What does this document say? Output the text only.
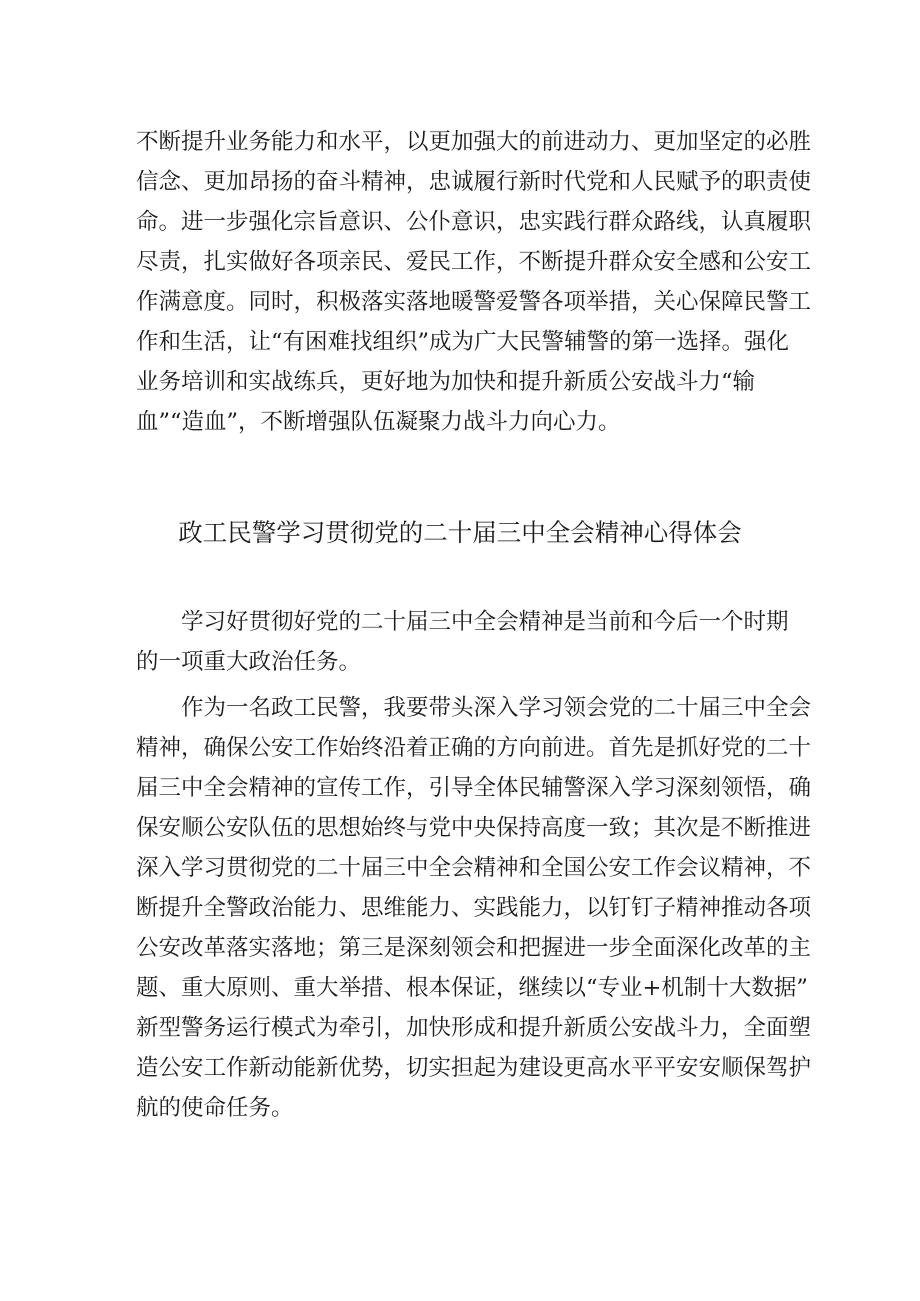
不断提升业务能力和水平，以更加强大的前进动力、更加坚定的必胜
信念、更加昂扬的奋斗精神，忠诚履行新时代党和人民赋予的职责使
命。进一步强化宗旨意识、公仆意识，忠实践行群众路线，认真履职
尽责，扎实做好各项亲民、爱民工作，不断提升群众安全感和公安工
作满意度。同时，积极落实落地暖警爱警各项举措，关心保障民警工
作和生活，让“有困难找组织”成为广大民警辅警的第一选择。强化
业务培训和实战练兵，更好地为加快和提升新质公安战斗力“输
血”“造血”，不断增强队伍凝聚力战斗力向心力。
政工民警学习贯彻党的二十届三中全会精神心得体会
学习好贯彻好党的二十届三中全会精神是当前和今后一个时期
的一项重大政治任务。
作为一名政工民警，我要带头深入学习领会党的二十届三中全会
精神，确保公安工作始终沿着正确的方向前进。首先是抓好党的二十
届三中全会精神的宣传工作，引导全体民辅警深入学习深刻领悟，确
保安顺公安队伍的思想始终与党中央保持高度一致；其次是不断推进
深入学习贯彻党的二十届三中全会精神和全国公安工作会议精神，不
断提升全警政治能力、思维能力、实践能力，以钉钉子精神推动各项
公安改革落实落地；第三是深刻领会和把握进一步全面深化改革的主
题、重大原则、重大举措、根本保证，继续以“专业+机制十大数据”
新型警务运行模式为牵引，加快形成和提升新质公安战斗力，全面塑
造公安工作新动能新优势，切实担起为建设更高水平平安安顺保驾护
航的使命任务。
